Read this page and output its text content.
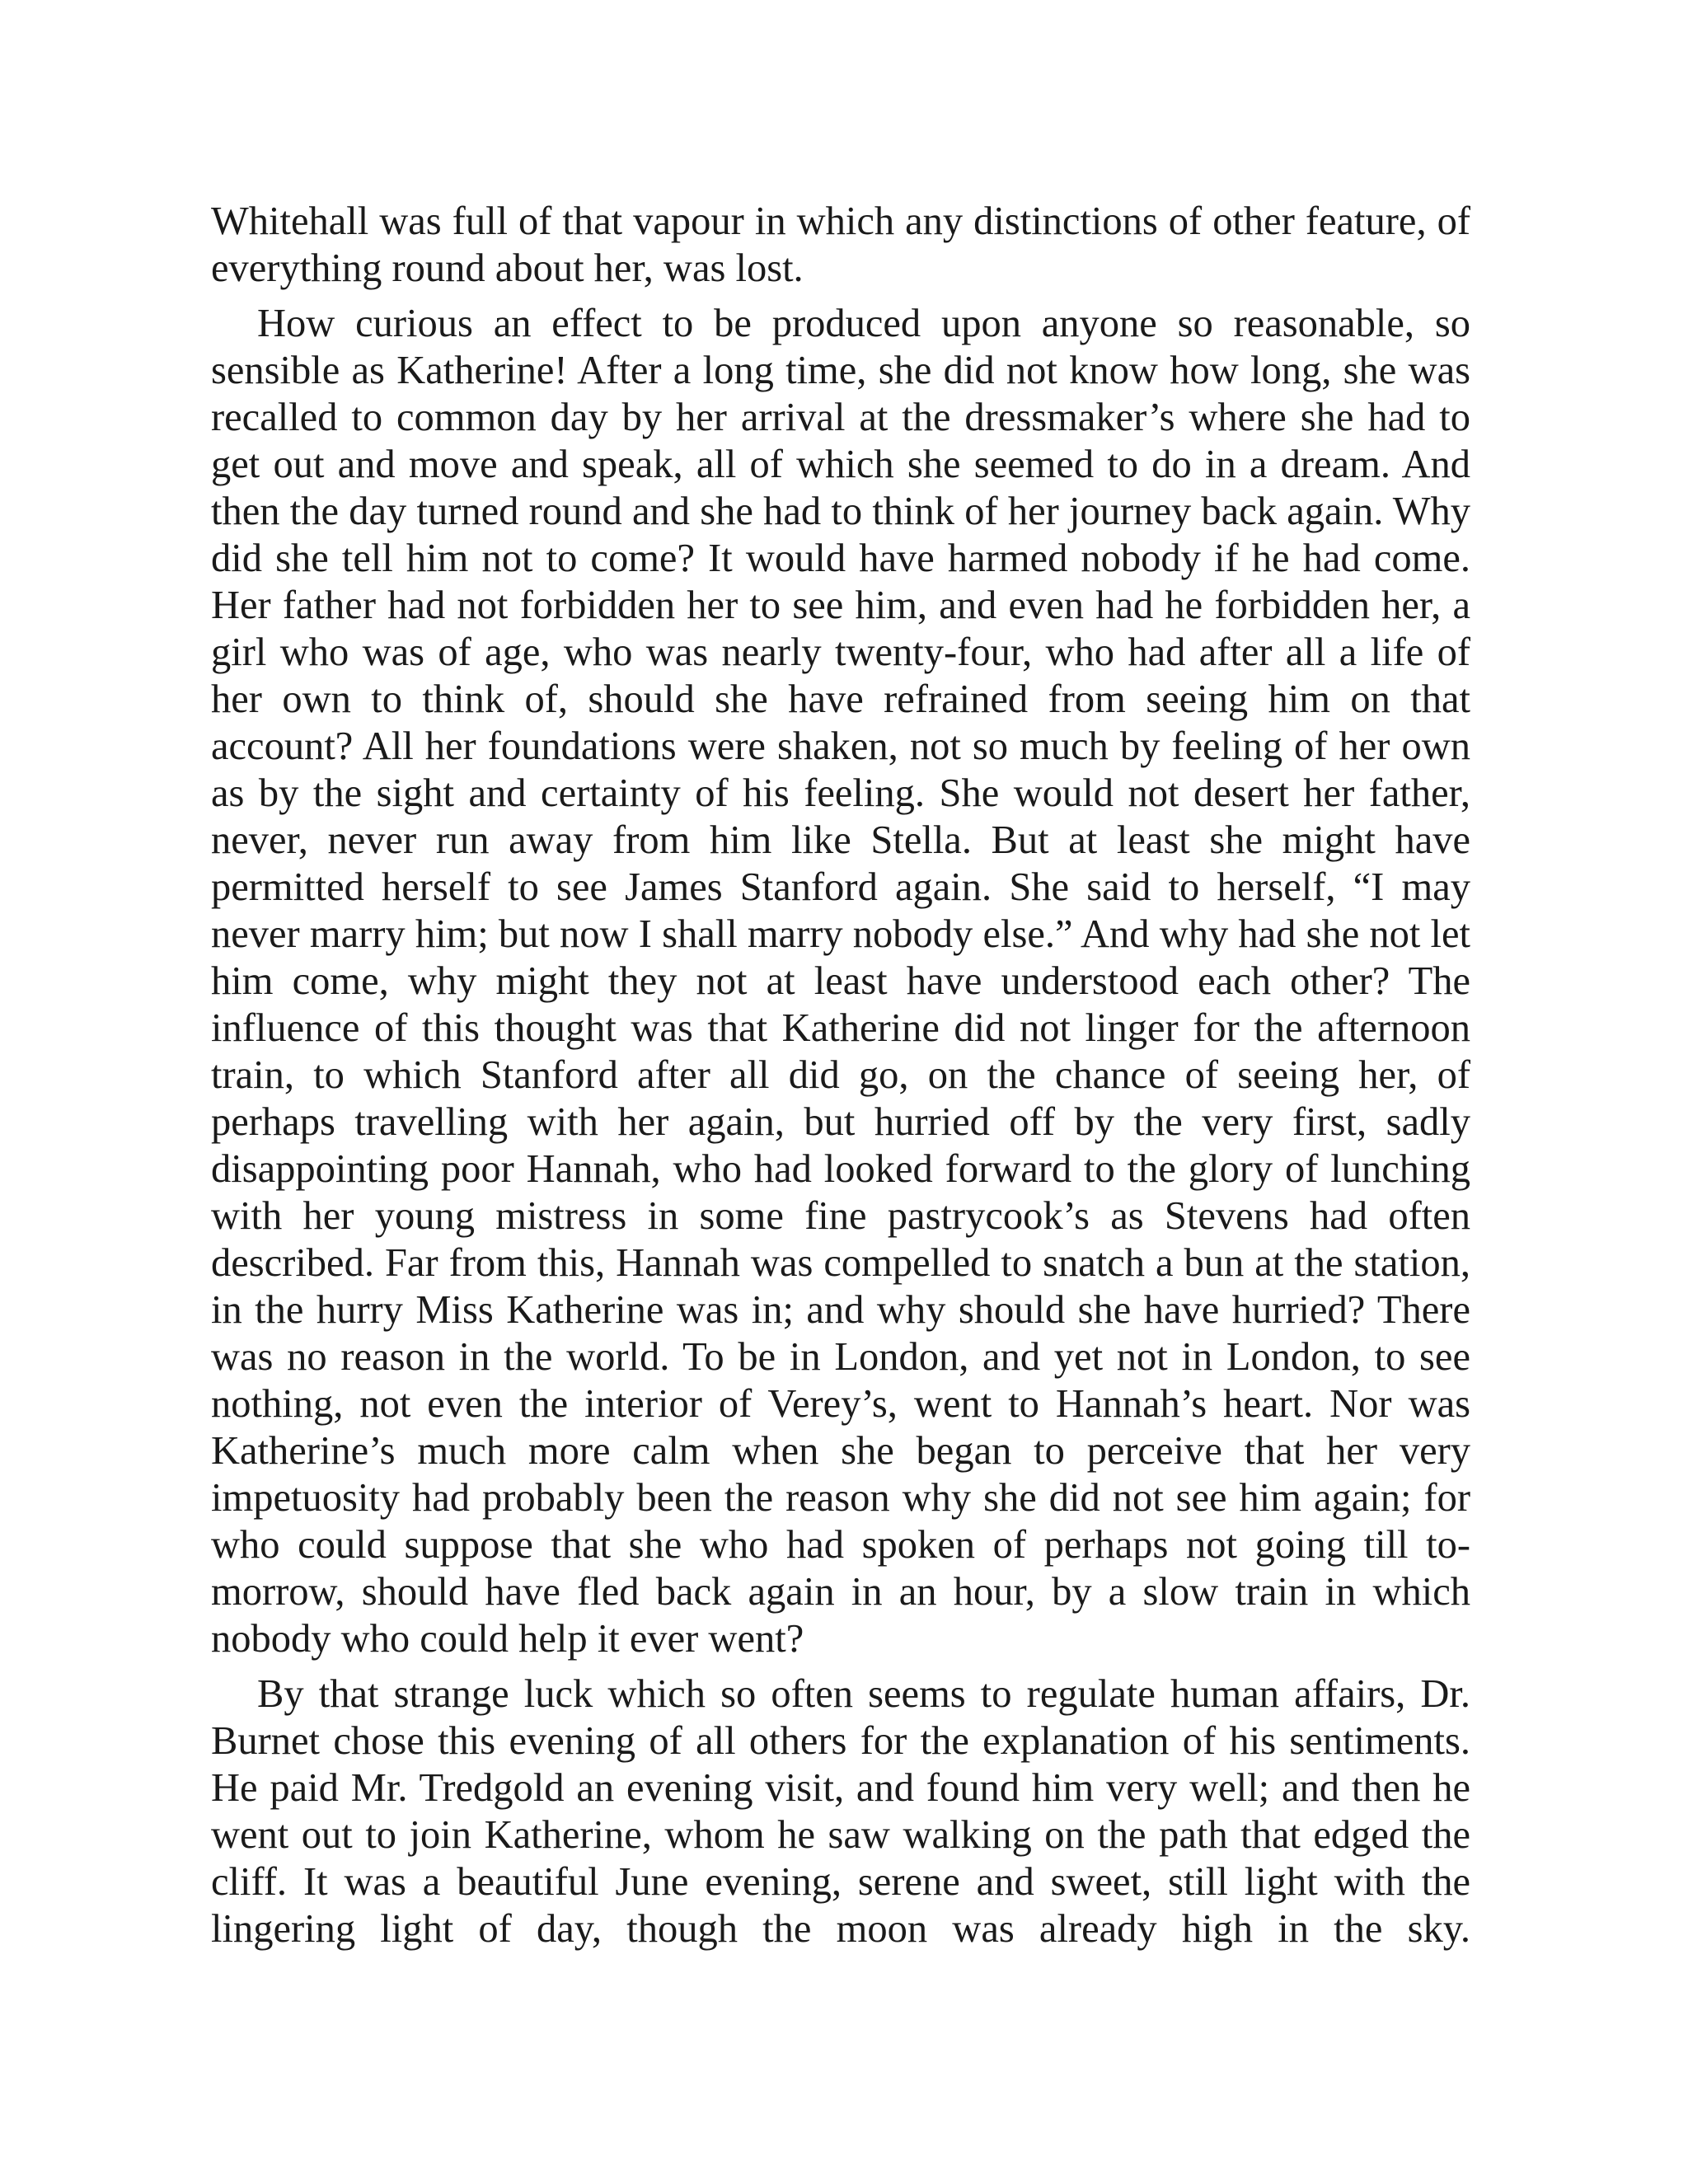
Whitehall was full of that vapour in which any distinctions of other feature, of everything round about her, was lost.

How curious an effect to be produced upon anyone so reasonable, so sensible as Katherine! After a long time, she did not know how long, she was recalled to common day by her arrival at the dressmaker’s where she had to get out and move and speak, all of which she seemed to do in a dream. And then the day turned round and she had to think of her journey back again. Why did she tell him not to come? It would have harmed nobody if he had come. Her father had not forbidden her to see him, and even had he forbidden her, a girl who was of age, who was nearly twenty-four, who had after all a life of her own to think of, should she have refrained from seeing him on that account? All her foundations were shaken, not so much by feeling of her own as by the sight and certainty of his feeling. She would not desert her father, never, never run away from him like Stella. But at least she might have permitted herself to see James Stanford again. She said to herself, “I may never marry him; but now I shall marry nobody else.” And why had she not let him come, why might they not at least have understood each other? The influence of this thought was that Katherine did not linger for the afternoon train, to which Stanford after all did go, on the chance of seeing her, of perhaps travelling with her again, but hurried off by the very first, sadly disappointing poor Hannah, who had looked forward to the glory of lunching with her young mistress in some fine pastrycook’s as Stevens had often described. Far from this, Hannah was compelled to snatch a bun at the station, in the hurry Miss Katherine was in; and why should she have hurried? There was no reason in the world. To be in London, and yet not in London, to see nothing, not even the interior of Verey’s, went to Hannah’s heart. Nor was Katherine’s much more calm when she began to perceive that her very impetuosity had probably been the reason why she did not see him again; for who could suppose that she who had spoken of perhaps not going till to-morrow, should have fled back again in an hour, by a slow train in which nobody who could help it ever went?

By that strange luck which so often seems to regulate human affairs, Dr. Burnet chose this evening of all others for the explanation of his sentiments. He paid Mr. Tredgold an evening visit, and found him very well; and then he went out to join Katherine, whom he saw walking on the path that edged the cliff. It was a beautiful June evening, serene and sweet, still light with the lingering light of day, though the moon was already high in the sky.
